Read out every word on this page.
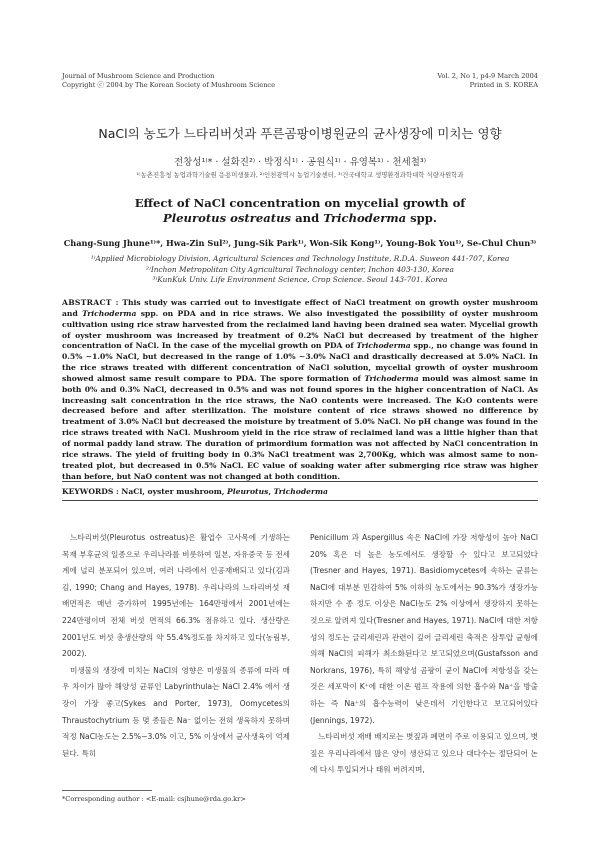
Journal of Mushroom Science and Production
Copyright ⓒ 2004 by The Korean Society of Mushroom Science
Vol. 2, No 1, p4-9 March 2004
Printed in S. KOREA
NaCl의 농도가 느타리버섯과 푸른곰팡이병원균의 균사생장에 미치는 영향
전창성¹⁾* · 설화진²⁾ · 박정식¹⁾ · 공원식¹⁾ · 유영복¹⁾ · 천세철³⁾
¹⁾농촌진흥청 농업과학기술원 응용미생물과, ²⁾인천광역시 농업기술센터, ³⁾건국대학교 생명환경과학대학 식량자원학과
Effect of NaCl concentration on mycelial growth of
Pleurotus ostreatus and Trichoderma spp.
Chang-Sung Jhune¹⁾*, Hwa-Zin Sul²⁾, Jung-Sik Park¹⁾, Won-Sik Kong¹⁾, Young-Bok You¹⁾, Se-Chul Chun³⁾
¹⁾Applied Microbiology Division, Agricultural Sciences and Technology Institute, R.D.A. Suweon 441-707, Korea
²⁾Inchon Metropolitan City Agricultural Technology center, Inchon 403-130, Korea
³⁾KunKuk Univ. Life Environment Science, Crop Science. Seoul 143-701. Korea
ABSTRACT : This study was carried out to investigate effect of NaCl treatment on growth oyster mushroom and Trichoderma spp. on PDA and in rice straws. We also investigated the possibility of oyster mushroom cultivation using rice straw harvested from the reclaimed land having been drained sea water. Mycelial growth of oyster mushroom was increased by treatment of 0.2% NaCl but decreased by treatment of the higher concentration of NaCl. In the case of the mycelial growth on PDA of Trichoderma spp., no change was found in 0.5% ∼1.0% NaCl, but decreased in the range of 1.0% ∼3.0% NaCl and drastically decreased at 5.0% NaCl. In the rice straws treated with different concentration of NaCl solution, mycelial growth of oyster mushroom showed almost same result compare to PDA. The spore formation of Trichoderma mould was almost same in both 0% and 0.3% NaCl, decreased in 0.5% and was not found spores in the higher concentration of NaCl. As increasing salt concentration in the rice straws, the NaO contents were increased. The K₂O contents were decreased before and after sterilization. The moisture content of rice straws showed no difference by treatment of 3.0% NaCl but decreased the moisture by treatment of 5.0% NaCl. No pH change was found in the rice straws treated with NaCl. Mushroom yield in the rice straw of reclaimed land was a little higher than that of normal paddy land straw. The duration of primordium formation was not affected by NaCl concentration in rice straws. The yield of fruiting body in 0.3% NaCl treatment was 2,700Kg, which was almost same to non-treated plot, but decreased in 0.5% NaCl. EC value of soaking water after submerging rice straw was higher than before, but NaO content was not changed at both condition.
KEYWORDS : NaCl, oyster mushroom, Pleurotus, Trichoderma

느타리버섯(Pleurotus ostreatus)은 활엽수 고사목에 기생하는 목재 부후균의 일종으로 우리나라를 비롯하여 일본, 자유중국 등 전세계에 널리 분포되어 있으며, 여러 나라에서 인공재배되고 있다(김과 김, 1990; Chang and Hayes, 1978). 우리나라의 느타리버섯 재배면적은 매년 증가하여 1995년에는 164만평에서 2001년에는 224만평이며 전체 버섯 면적의 66.3% 점유하고 있다. 생산량은 2001년도 버섯 총생산량의 약 55.4%정도를 차지하고 있다(농림부, 2002).

미생물의 생장에 미치는 NaCl의 영향은 미생물의 종류에 따라 매우 차이가 많아 해양성 균류인 Labyrinthula는 NaCl 2.4% 에서 생장이 가장 좋고(Sykes and Porter, 1973), Oomycetes의 Thraustochytrium 등 몇 종들은 Na⁻ 없이는 전혀 생육하지 못하며 적정 NaCl농도는 2.5%∼3.0% 이고, 5% 이상에서 균사생육이 억제된다. 특히

Penicillum 과 Aspergillus 속은 NaCl에 가장 저항성이 높아 NaCl 20% 혹은 더 높은 농도에서도 생장할 수 있다고 보고되었다(Tresner and Hayes, 1971). Basidiomycetes에 속하는 균류는 NaCl에 대부분 민감하여 5% 이하의 농도에서는 90.3%가 생장가능 하지만 수 종 정도 이상은 NaCl농도 2% 이상에서 생장하지 못하는 것으로 알려져 있다(Tresner and Hayes, 1971). NaCl에 대한 저항성의 정도는 글리세린과 관련이 깊어 글리세린 축적은 삼투압 균형에 의해 NaCl의 피해가 최소화된다고 보고되었으며(Gustafsson and Norkrans, 1976), 특히 해양성 곰팡이 균이 NaCl에 저항성을 갖는 것은 세포막이 K⁺에 대한 이온 펌프 작용에 의한 흡수와 Na⁺을 방출하는 즉 Na⁺의 흡수능력이 낮은데서 기인한다고 보고되어있다(Jennings, 1972).

느타리버섯 재배 배지로는 볏짚과 폐면이 주로 이용되고 있으며, 볏짚은 우리나라에서 많은 양이 생산되고 있으나 대다수는 절단되어 논에 다시 투입되거나 태워 버려지며,

*Corresponding author : <E-mail: csjhune@rda.go.kr>
